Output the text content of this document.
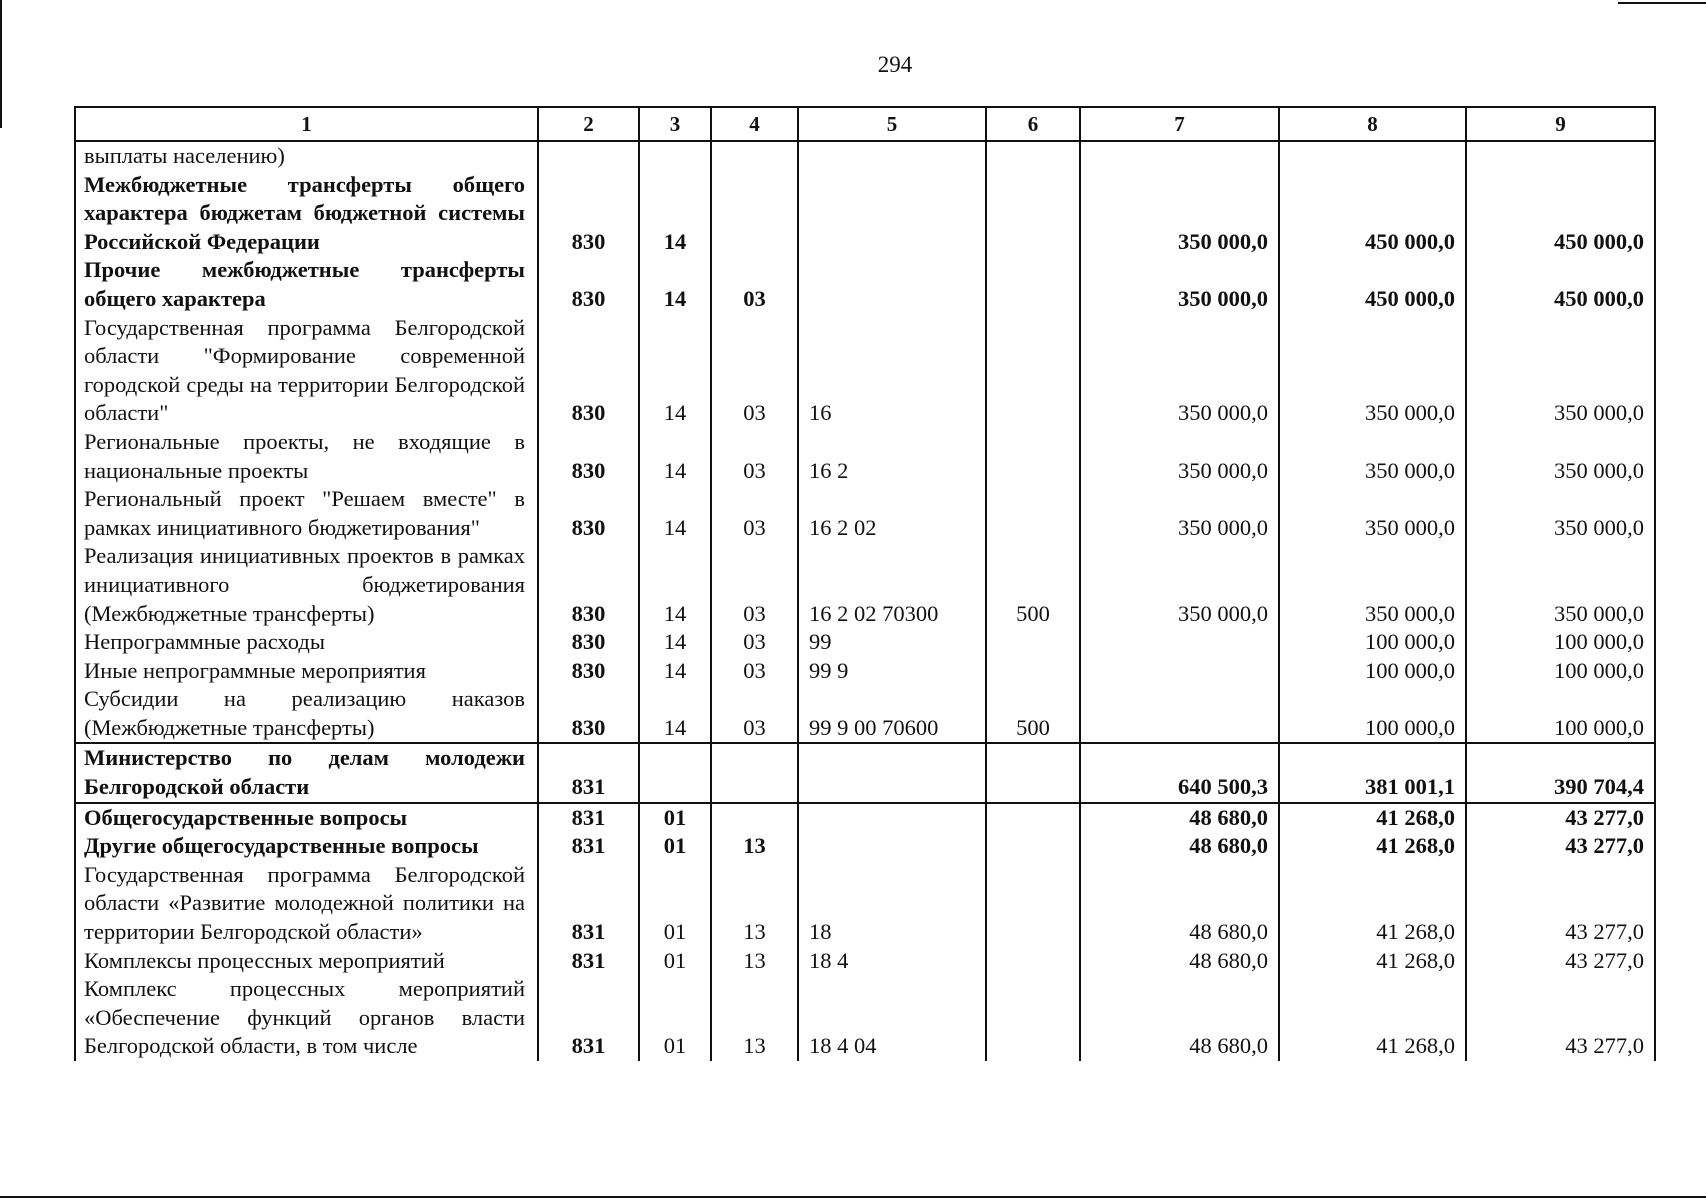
294
1	2	3	4	5	6	7	8	9
выплаты населению)								
Межбюджетные трансферты общего характера бюджетам бюджетной системы Российской Федерации	830	14				350 000,0	450 000,0	450 000,0
Прочие межбюджетные трансферты общего характера	830	14	03			350 000,0	450 000,0	450 000,0
Государственная программа Белгородской области "Формирование современной городской среды на территории Белгородской области"	830	14	03	16		350 000,0	350 000,0	350 000,0
Региональные проекты, не входящие в национальные проекты	830	14	03	16 2		350 000,0	350 000,0	350 000,0
Региональный проект "Решаем вместе" в рамках инициативного бюджетирования"	830	14	03	16 2 02		350 000,0	350 000,0	350 000,0
Реализация инициативных проектов в рамках инициативного бюджетирования (Межбюджетные трансферты)	830	14	03	16 2 02 70300	500	350 000,0	350 000,0	350 000,0
Непрограммные расходы	830	14	03	99			100 000,0	100 000,0
Иные непрограммные мероприятия	830	14	03	99 9			100 000,0	100 000,0
Субсидии на реализацию наказов (Межбюджетные трансферты)	830	14	03	99 9 00 70600	500		100 000,0	100 000,0
Министерство по делам молодежи Белгородской области	831					640 500,3	381 001,1	390 704,4
Общегосударственные вопросы	831	01				48 680,0	41 268,0	43 277,0
Другие общегосударственные вопросы	831	01	13			48 680,0	41 268,0	43 277,0
Государственная программа Белгородской области «Развитие молодежной политики на территории Белгородской области»	831	01	13	18		48 680,0	41 268,0	43 277,0
Комплексы процессных мероприятий	831	01	13	18 4		48 680,0	41 268,0	43 277,0
Комплекс процессных мероприятий «Обеспечение функций органов власти Белгородской области, в том числе	831	01	13	18 4 04		48 680,0	41 268,0	43 277,0
